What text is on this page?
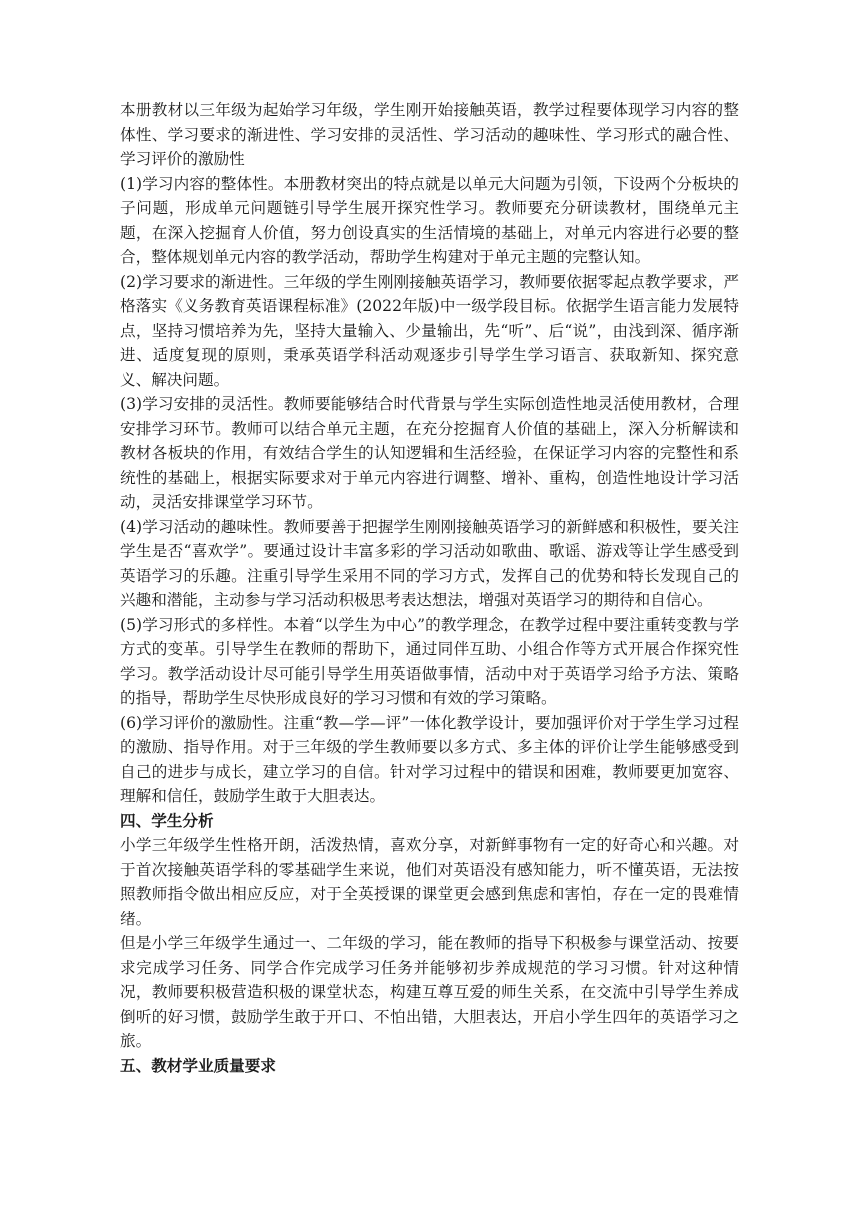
本册教材以三年级为起始学习年级，学生刚开始接触英语，教学过程要体现学习内容的整体性、学习要求的渐进性、学习安排的灵活性、学习活动的趣味性、学习形式的融合性、学习评价的激励性

(1)学习内容的整体性。本册教材突出的特点就是以单元大问题为引领，下设两个分板块的子问题，形成单元问题链引导学生展开探究性学习。教师要充分研读教材，围绕单元主题，在深入挖掘育人价值，努力创设真实的生活情境的基础上，对单元内容进行必要的整合，整体规划单元内容的教学活动，帮助学生构建对于单元主题的完整认知。

(2)学习要求的渐进性。三年级的学生刚刚接触英语学习，教师要依据零起点教学要求，严格落实《义务教育英语课程标准》(2022年版)中一级学段目标。依据学生语言能力发展特点，坚持习惯培养为先，坚持大量输入、少量输出，先“听”、后“说”，由浅到深、循序渐进、适度复现的原则，秉承英语学科活动观逐步引导学生学习语言、获取新知、探究意义、解决问题。

(3)学习安排的灵活性。教师要能够结合时代背景与学生实际创造性地灵活使用教材，合理安排学习环节。教师可以结合单元主题，在充分挖掘育人价值的基础上，深入分析解读和教材各板块的作用，有效结合学生的认知逻辑和生活经验，在保证学习内容的完整性和系统性的基础上，根据实际要求对于单元内容进行调整、增补、重构，创造性地设计学习活动，灵活安排课堂学习环节。

(4)学习活动的趣味性。教师要善于把握学生刚刚接触英语学习的新鲜感和积极性，要关注学生是否“喜欢学”。要通过设计丰富多彩的学习活动如歌曲、歌谣、游戏等让学生感受到英语学习的乐趣。注重引导学生采用不同的学习方式，发挥自己的优势和特长发现自己的兴趣和潜能，主动参与学习活动积极思考表达想法，增强对英语学习的期待和自信心。

(5)学习形式的多样性。本着“以学生为中心”的教学理念，在教学过程中要注重转变教与学方式的变革。引导学生在教师的帮助下，通过同伴互助、小组合作等方式开展合作探究性学习。教学活动设计尽可能引导学生用英语做事情，活动中对于英语学习给予方法、策略的指导，帮助学生尽快形成良好的学习习惯和有效的学习策略。

(6)学习评价的激励性。注重“教—学—评”一体化教学设计，要加强评价对于学生学习过程的激励、指导作用。对于三年级的学生教师要以多方式、多主体的评价让学生能够感受到自己的进步与成长，建立学习的自信。针对学习过程中的错误和困难，教师要更加宽容、理解和信任，鼓励学生敢于大胆表达。

四、学生分析

小学三年级学生性格开朗，活泼热情，喜欢分享，对新鲜事物有一定的好奇心和兴趣。对于首次接触英语学科的零基础学生来说，他们对英语没有感知能力，听不懂英语，无法按照教师指令做出相应反应，对于全英授课的课堂更会感到焦虑和害怕，存在一定的畏难情绪。

但是小学三年级学生通过一、二年级的学习，能在教师的指导下积极参与课堂活动、按要求完成学习任务、同学合作完成学习任务并能够初步养成规范的学习习惯。针对这种情况，教师要积极营造积极的课堂状态，构建互尊互爱的师生关系，在交流中引导学生养成倒听的好习惯，鼓励学生敢于开口、不怕出错，大胆表达，开启小学生四年的英语学习之旅。

五、教材学业质量要求
